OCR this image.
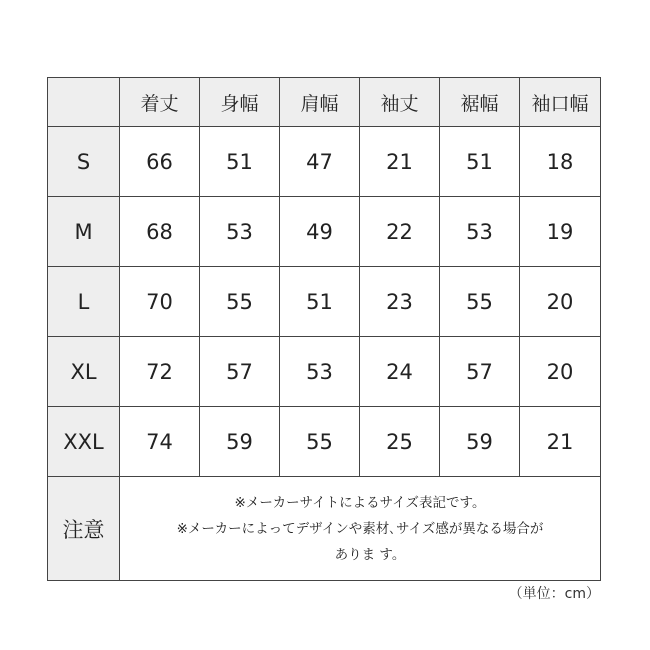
	着丈	身幅	肩幅	袖丈	裾幅	袖口幅
S	66	51	47	21	51	18
M	68	53	49	22	53	19
L	70	55	51	23	55	20
XL	72	57	53	24	57	20
XXL	74	59	55	25	59	21
注意	※メーカーサイトによるサイズ表記です。
※メーカーによってデザインや素材､サイズ感が異なる場合が
ありま す。					
（単位：cm）
